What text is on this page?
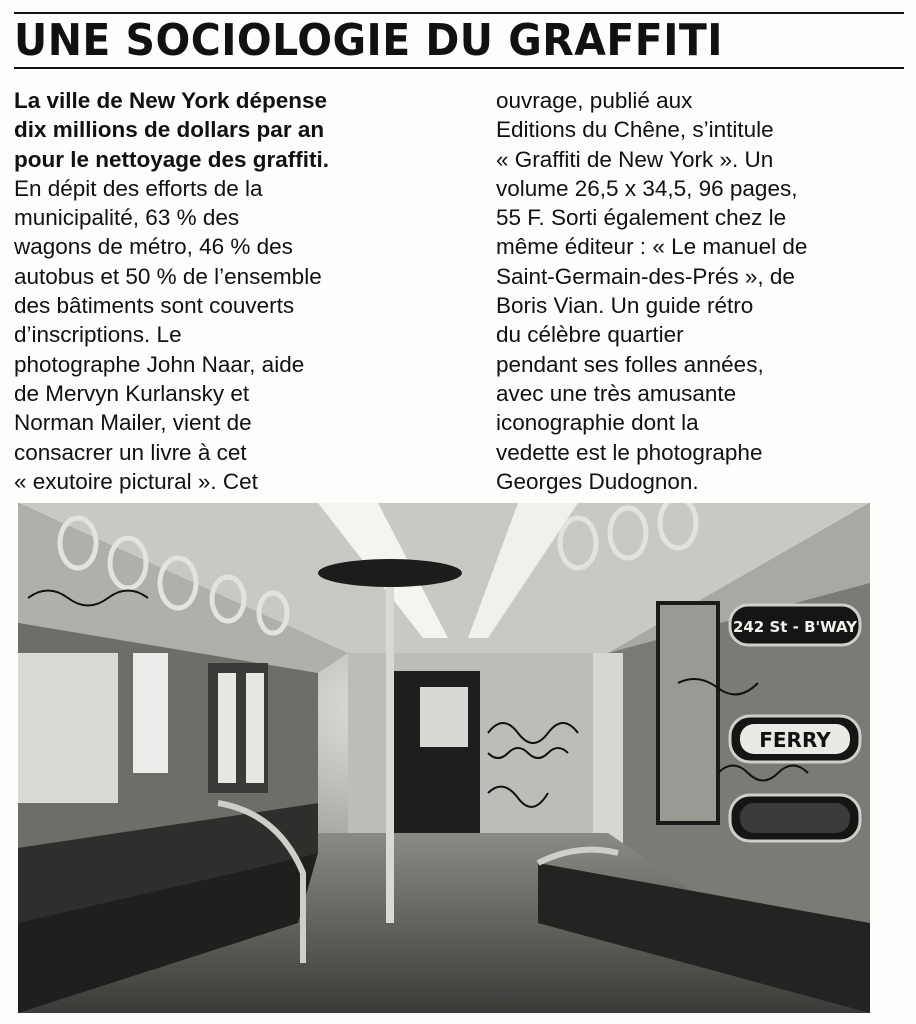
UNE SOCIOLOGIE DU GRAFFITI
La ville de New York dépense
dix millions de dollars par an
pour le nettoyage des graffiti.
En dépit des efforts de la
municipalité, 63 % des
wagons de métro, 46 % des
autobus et 50 % de l’ensemble
des bâtiments sont couverts
d’inscriptions. Le
photographe John Naar, aide
de Mervyn Kurlansky et
Norman Mailer, vient de
consacrer un livre à cet
« exutoire pictural ». Cet
ouvrage, publié aux
Editions du Chêne, s’intitule
« Graffiti de New York ». Un
volume 26,5 x 34,5, 96 pages,
55 F. Sorti également chez le
même éditeur : « Le manuel de
Saint-Germain-des-Prés », de
Boris Vian. Un guide rétro
du célèbre quartier
pendant ses folles années,
avec une très amusante
iconographie dont la
vedette est le photographe
Georges Dudognon.
242 St - B'WAY
FERRY
